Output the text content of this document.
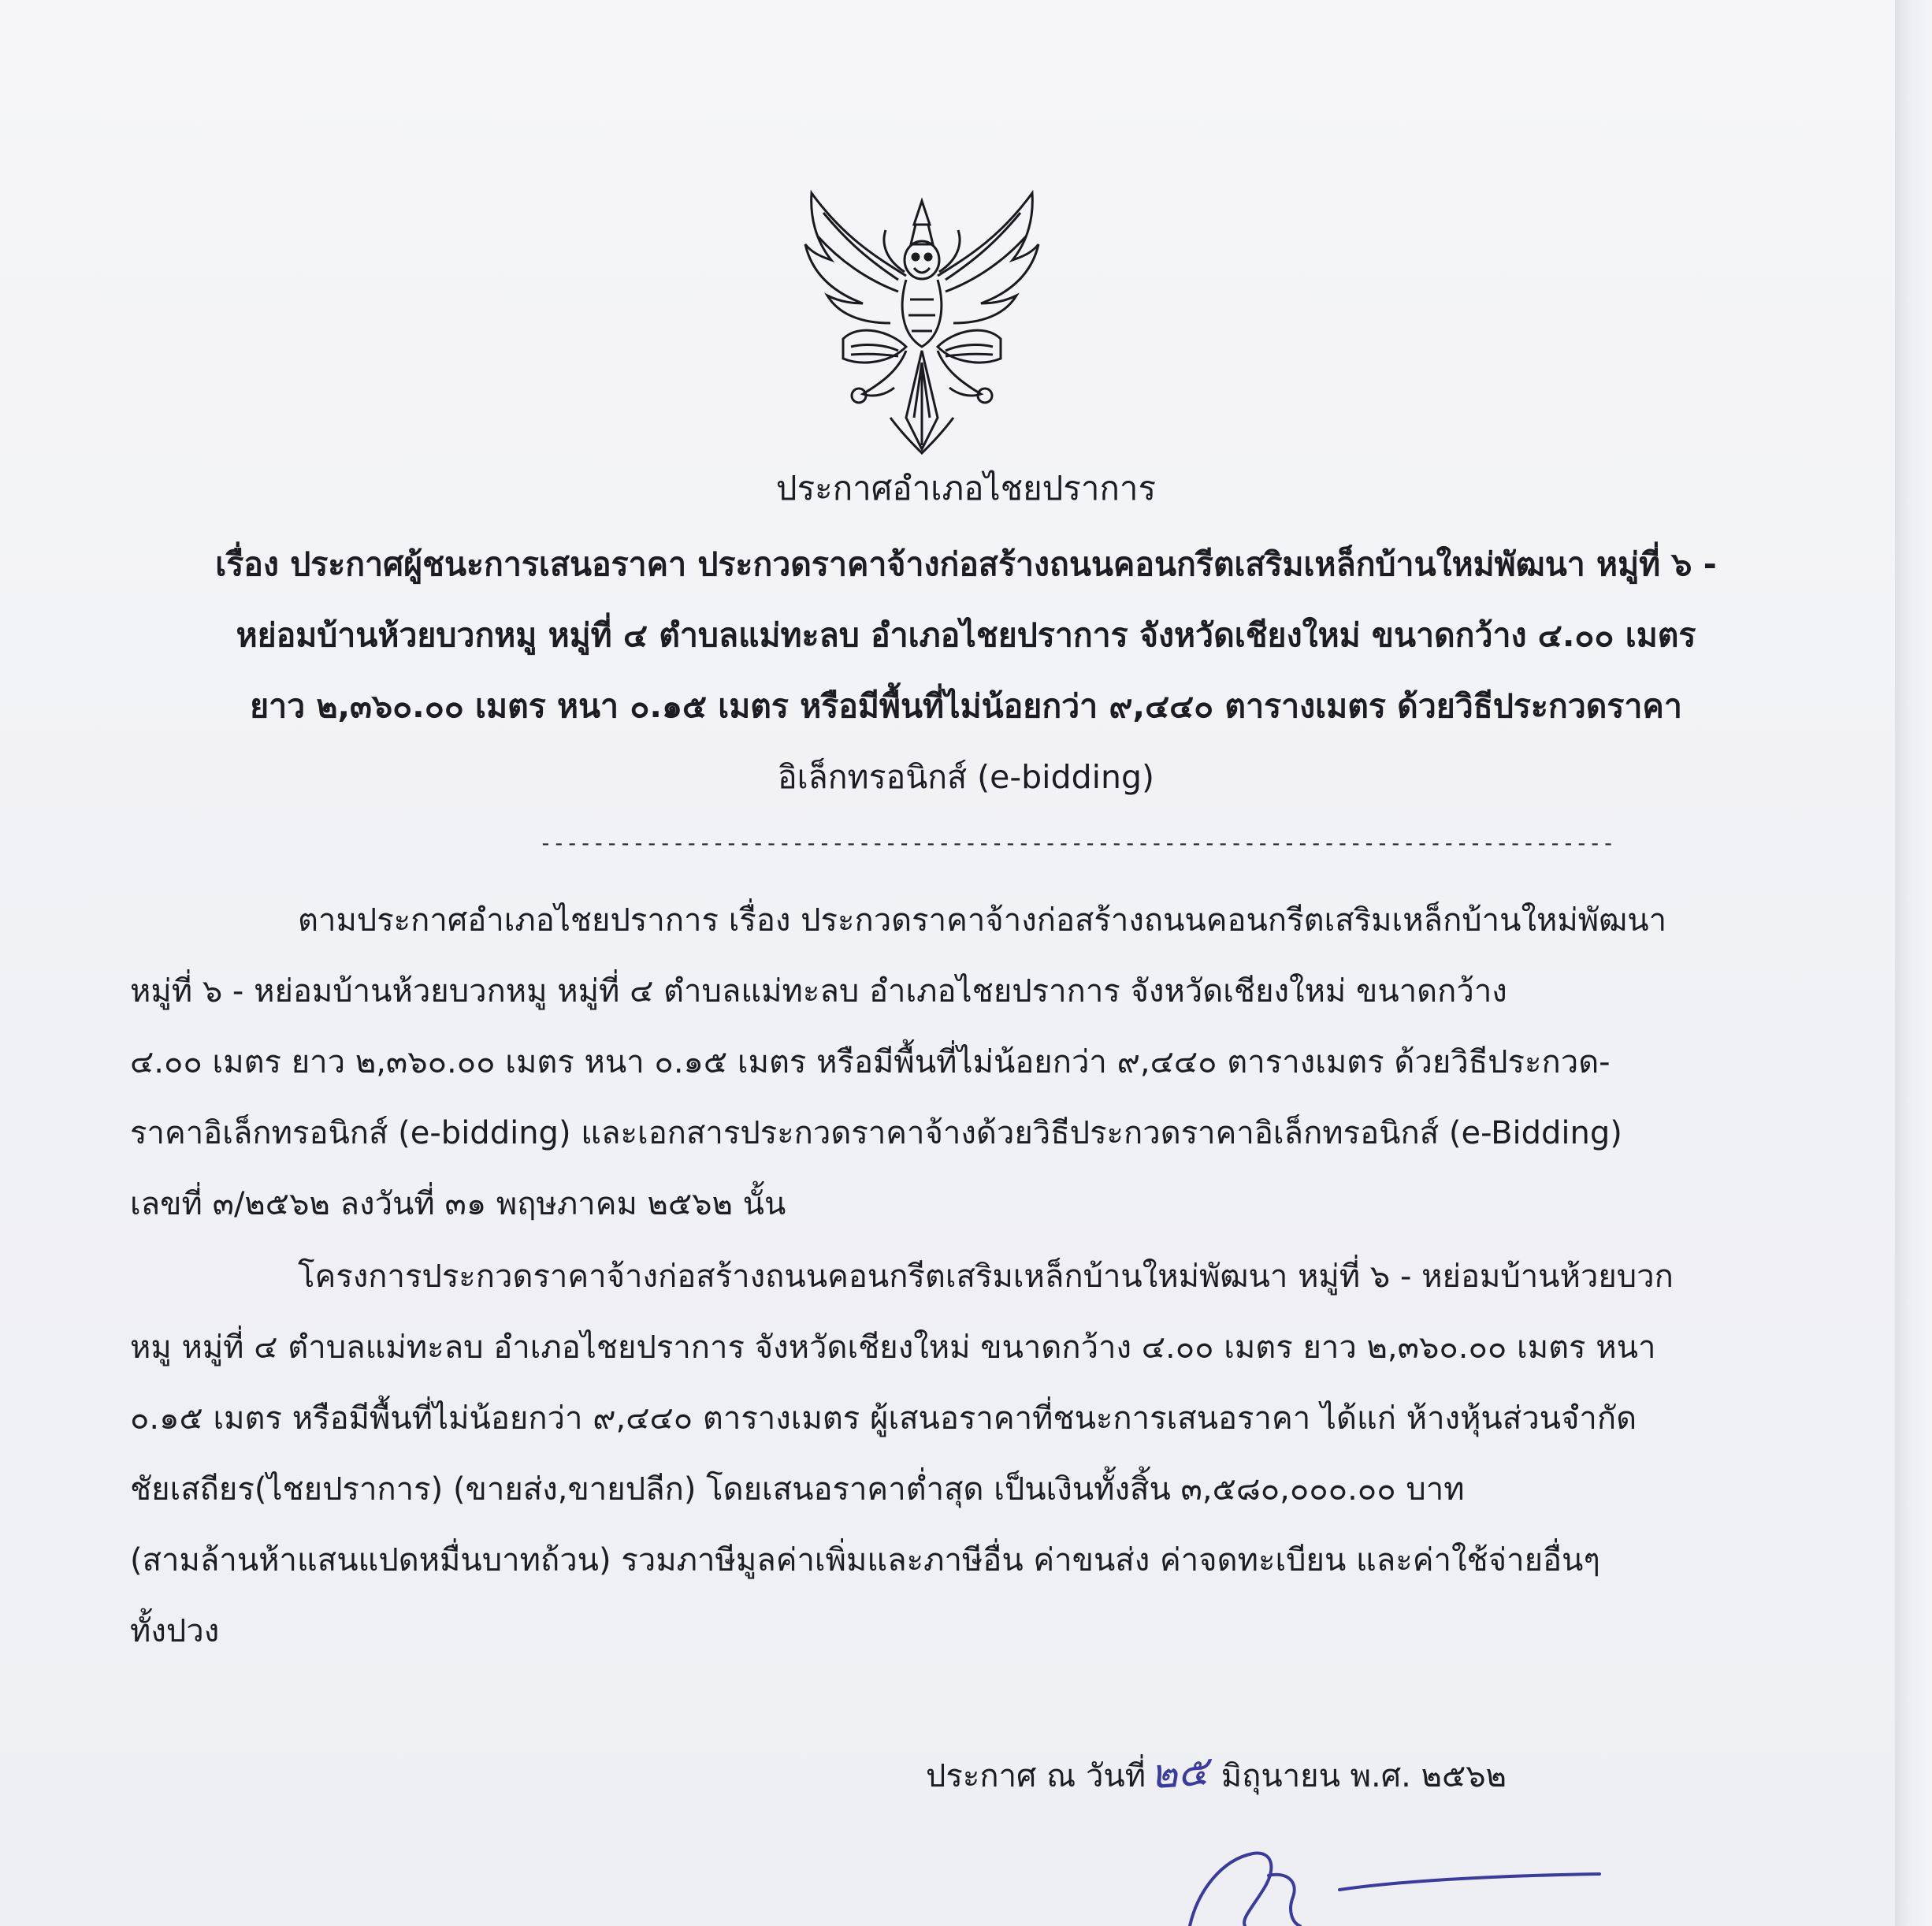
ประกาศอำเภอไชยปราการ
เรื่อง ประกาศผู้ชนะการเสนอราคา ประกวดราคาจ้างก่อสร้างถนนคอนกรีตเสริมเหล็กบ้านใหม่พัฒนา หมู่ที่ ๖ -
หย่อมบ้านห้วยบวกหมู หมู่ที่ ๔ ตำบลแม่ทะลบ อำเภอไชยปราการ จังหวัดเชียงใหม่ ขนาดกว้าง ๔.๐๐ เมตร
ยาว ๒,๓๖๐.๐๐ เมตร หนา ๐.๑๕ เมตร หรือมีพื้นที่ไม่น้อยกว่า ๙,๔๔๐ ตารางเมตร ด้วยวิธีประกวดราคา
อิเล็กทรอนิกส์ (e-bidding)
---------------------------------------------------------------------------------
ตามประกาศอำเภอไชยปราการ เรื่อง ประกวดราคาจ้างก่อสร้างถนนคอนกรีตเสริมเหล็กบ้านใหม่พัฒนา
หมู่ที่ ๖ - หย่อมบ้านห้วยบวกหมู หมู่ที่ ๔ ตำบลแม่ทะลบ อำเภอไชยปราการ จังหวัดเชียงใหม่ ขนาดกว้าง
๔.๐๐ เมตร ยาว ๒,๓๖๐.๐๐ เมตร หนา ๐.๑๕ เมตร หรือมีพื้นที่ไม่น้อยกว่า ๙,๔๔๐ ตารางเมตร ด้วยวิธีประกวด-
ราคาอิเล็กทรอนิกส์ (e-bidding) และเอกสารประกวดราคาจ้างด้วยวิธีประกวดราคาอิเล็กทรอนิกส์ (e-Bidding)
เลขที่ ๓/๒๕๖๒ ลงวันที่ ๓๑ พฤษภาคม ๒๕๖๒ นั้น
โครงการประกวดราคาจ้างก่อสร้างถนนคอนกรีตเสริมเหล็กบ้านใหม่พัฒนา หมู่ที่ ๖ - หย่อมบ้านห้วยบวก
หมู หมู่ที่ ๔ ตำบลแม่ทะลบ อำเภอไชยปราการ จังหวัดเชียงใหม่ ขนาดกว้าง ๔.๐๐ เมตร ยาว ๒,๓๖๐.๐๐ เมตร หนา
๐.๑๕ เมตร หรือมีพื้นที่ไม่น้อยกว่า ๙,๔๔๐ ตารางเมตร ผู้เสนอราคาที่ชนะการเสนอราคา ได้แก่ ห้างหุ้นส่วนจำกัด
ชัยเสถียร(ไชยปราการ) (ขายส่ง,ขายปลีก) โดยเสนอราคาต่ำสุด เป็นเงินทั้งสิ้น ๓,๕๘๐,๐๐๐.๐๐ บาท
(สามล้านห้าแสนแปดหมื่นบาทถ้วน) รวมภาษีมูลค่าเพิ่มและภาษีอื่น ค่าขนส่ง ค่าจดทะเบียน และค่าใช้จ่ายอื่นๆ
ทั้งปวง
ประกาศ ณ วันที่๒๕ มิถุนายน พ.ศ. ๒๕๖๒
